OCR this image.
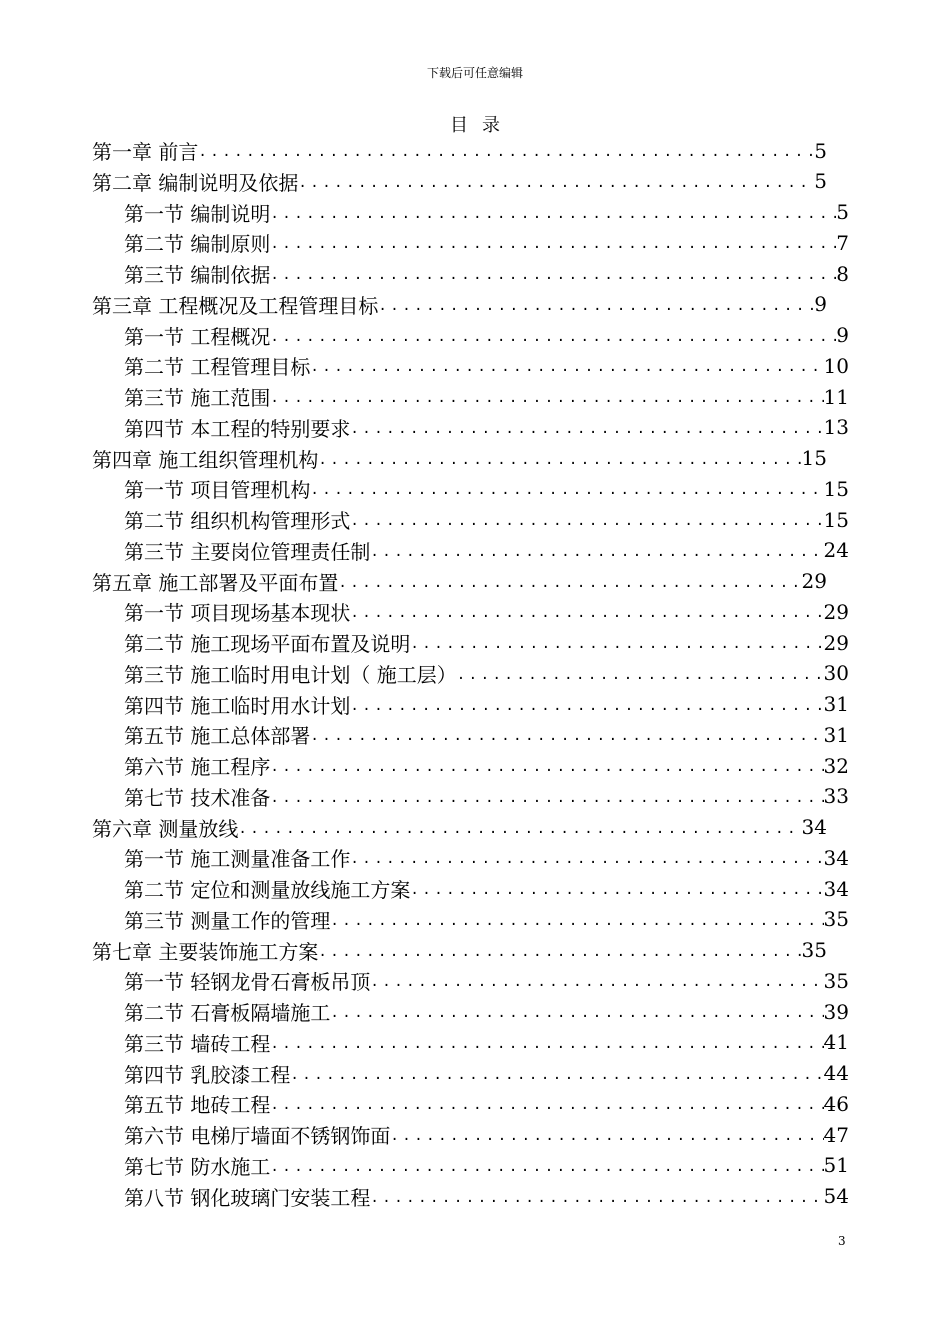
下载后可任意编辑
目录
第一章 前言 .....	5
第二章 编制说明及依据 .....	5
第一节 编制说明 .....	5
第二节 编制原则 .....	7
第三节 编制依据 .....	8
第三章 工程概况及工程管理目标 .....	9
第一节 工程概况 .....	9
第二节 工程管理目标 .....	10
第三节 施工范围 .....	11
第四节 本工程的特别要求 .....	13
第四章 施工组织管理机构 .....	15
第一节 项目管理机构 .....	15
第二节 组织机构管理形式 .....	15
第三节 主要岗位管理责任制 .....	24
第五章 施工部署及平面布置 .....	29
第一节 项目现场基本现状 .....	29
第二节 施工现场平面布置及说明 .....	29
第三节 施工临时用电计划（ 施工层） .....	30
第四节 施工临时用水计划 .....	31
第五节 施工总体部署 .....	31
第六节 施工程序 .....	32
第七节 技术准备 .....	33
第六章 测量放线 .....	34
第一节 施工测量准备工作 .....	34
第二节 定位和测量放线施工方案 .....	34
第三节 测量工作的管理 .....	35
第七章 主要装饰施工方案 .....	35
第一节 轻钢龙骨石膏板吊顶 .....	35
第二节 石膏板隔墙施工 .....	39
第三节 墙砖工程 .....	41
第四节 乳胶漆工程 .....	44
第五节 地砖工程 .....	46
第六节 电梯厅墙面不锈钢饰面 .....	47
第七节 防水施工 .....	51
第八节 钢化玻璃门安装工程 .....	54
3
